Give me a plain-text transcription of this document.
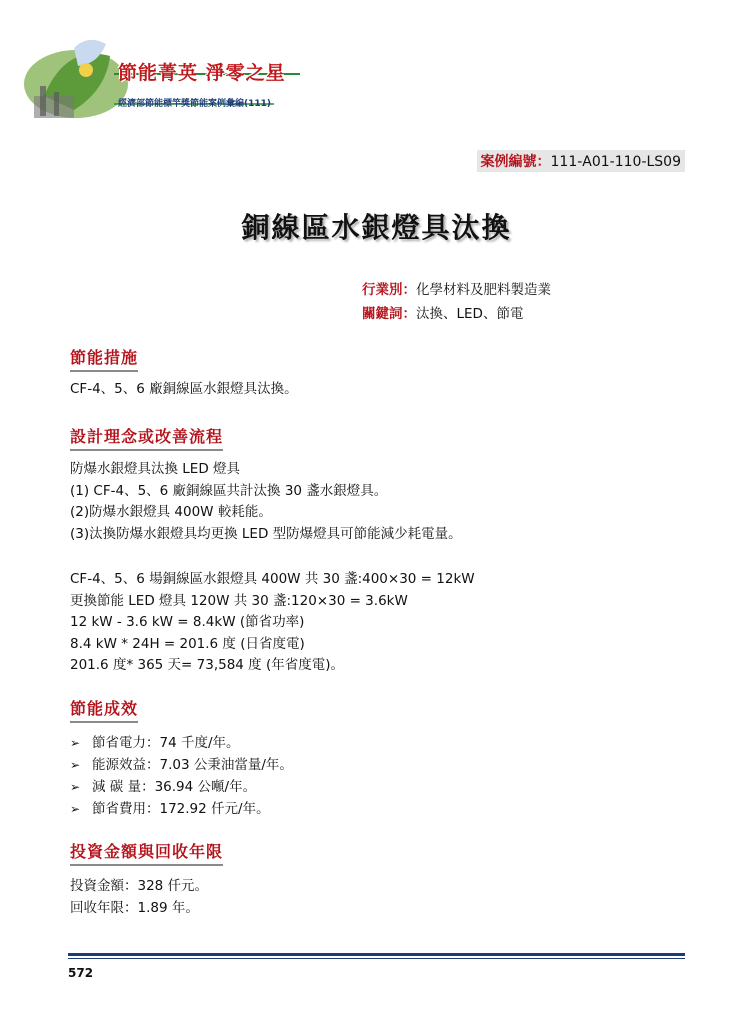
節能菁英 淨零之星
經濟部節能標竿獎節能案例彙編(111)
案例編號：111-A01-110-LS09
銅線區水銀燈具汰換
行業別：化學材料及肥料製造業
關鍵詞：汰換、LED、節電
節能措施
CF-4、5、6 廠銅線區水銀燈具汰換。
設計理念或改善流程
防爆水銀燈具汰換 LED 燈具
(1) CF-4、5、6 廠銅線區共計汰換 30 盞水銀燈具。
(2)防爆水銀燈具 400W 較耗能。
(3)汰換防爆水銀燈具均更換 LED 型防爆燈具可節能減少耗電量。
CF-4、5、6 場銅線區水銀燈具 400W 共 30 盞:400×30 = 12kW
更換節能 LED 燈具 120W 共 30 盞:120×30 = 3.6kW
12 kW - 3.6 kW = 8.4kW (節省功率)
8.4 kW * 24H = 201.6 度 (日省度電)
201.6 度* 365 天= 73,584 度 (年省度電)。
節能成效
➢ 節省電力：74 千度/年。
➢ 能源效益：7.03 公秉油當量/年。
➢ 減 碳 量：36.94 公噸/年。
➢ 節省費用：172.92 仟元/年。
投資金額與回收年限
投資金額：328 仟元。
回收年限：1.89 年。
572
